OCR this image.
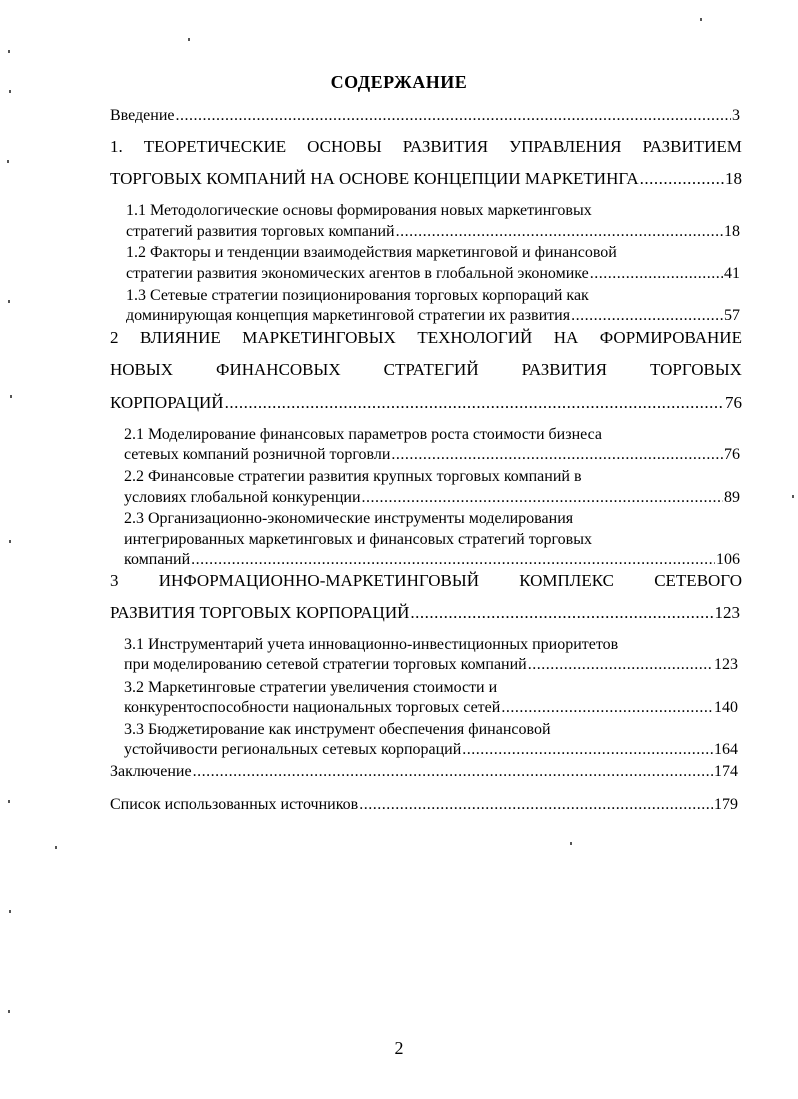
СОДЕРЖАНИЕ
Введение .....	3
1. ТЕОРЕТИЧЕСКИЕ ОСНОВЫ РАЗВИТИЯ УПРАВЛЕНИЯ РАЗВИТИЕМ
ТОРГОВЫХ КОМПАНИЙ НА ОСНОВЕ КОНЦЕПЦИИ МАРКЕТИНГА .....	18
1.1 Методологические основы формирования новых маркетинговых
стратегий развития торговых компаний .....	18
1.2 Факторы и тенденции взаимодействия маркетинговой и финансовой
стратегии развития экономических агентов в глобальной экономике .....	41
1.3 Сетевые стратегии позиционирования торговых корпораций как
доминирующая концепция маркетинговой стратегии их развития .....	57
2 ВЛИЯНИЕ МАРКЕТИНГОВЫХ ТЕХНОЛОГИЙ НА ФОРМИРОВАНИЕ
НОВЫХ	ФИНАНСОВЫХ	СТРАТЕГИЙ	РАЗВИТИЯ	ТОРГОВЫХ
КОРПОРАЦИЙ .....	76
2.1 Моделирование финансовых параметров роста стоимости бизнеса
сетевых компаний розничной торговли .....	76
2.2 Финансовые стратегии развития крупных торговых компаний в
условиях глобальной конкуренции .....	89
2.3 Организационно-экономические инструменты моделирования
интегрированных маркетинговых и финансовых стратегий торговых
компаний .....	106
3 ИНФОРМАЦИОННО-МАРКЕТИНГОВЫЙ КОМПЛЕКС СЕТЕВОГО
РАЗВИТИЯ ТОРГОВЫХ КОРПОРАЦИЙ .....	123
3.1 Инструментарий учета инновационно-инвестиционных приоритетов
при моделированию сетевой стратегии торговых компаний .....	123
3.2 Маркетинговые стратегии увеличения стоимости и
конкурентоспособности национальных торговых сетей .....	140
3.3 Бюджетирование как инструмент обеспечения финансовой
устойчивости региональных сетевых корпораций .....	164
Заключение .....	174
Список использованных источников .....	179
2
